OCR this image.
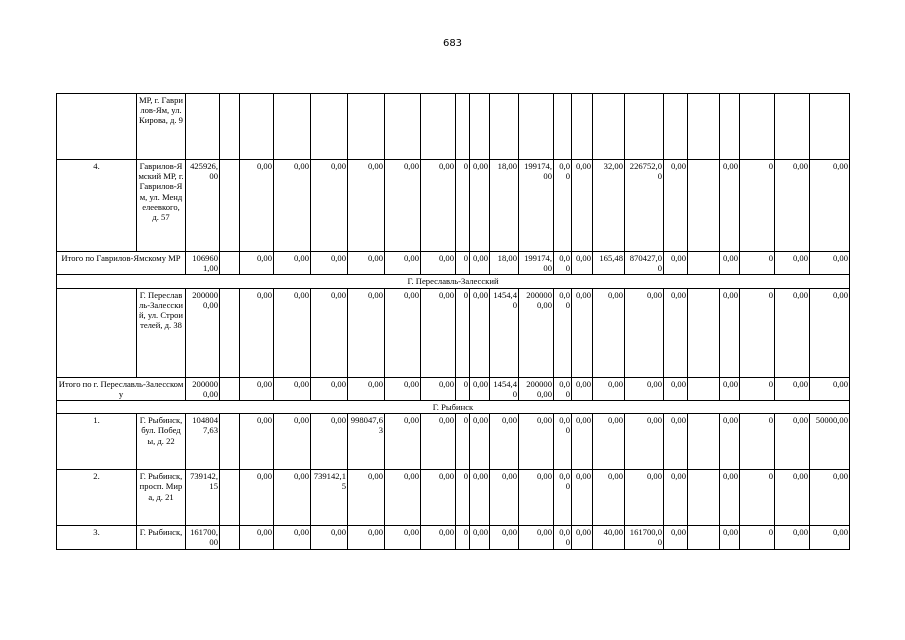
683
	МР, г. Гаврилов-Ям, ул. Кирова, д. 9																						
4.	Гаврилов-Ямский МР, г. Гаврилов-Ям, ул. Менделеевкого, д. 57	425926,00		0,00	0,00	0,00	0,00	0,00	0,00	0	0,00	18,00	199174,00	0,00	0,00	32,00	226752,00	0,00		0,00	0	0,00	0,00
Итого по Гаврилов-Ямскому МР		1069601,00		0,00	0,00	0,00	0,00	0,00	0,00	0	0,00	18,00	199174,00	0,00	0,00	165,48	870427,00	0,00		0,00	0	0,00	0,00
Г. Переславль-Залесский																							
	Г. Переславль-Залесский, ул. Строителей, д. 38	2000000,00		0,00	0,00	0,00	0,00	0,00	0,00	0	0,00	1454,40	2000000,00	0,00	0,00	0,00	0,00	0,00		0,00	0	0,00	0,00
Итого по г. Переславль-Залесскому		2000000,00		0,00	0,00	0,00	0,00	0,00	0,00	0	0,00	1454,40	2000000,00	0,00	0,00	0,00	0,00	0,00		0,00	0	0,00	0,00
Г. Рыбинск																							
1.	Г. Рыбинск, бул. Победы, д. 22	1048047,63		0,00	0,00	0,00	998047,63	0,00	0,00	0	0,00	0,00	0,00	0,00	0,00	0,00	0,00	0,00		0,00	0	0,00	50000,00
2.	Г. Рыбинск, просп. Мира, д. 21	739142,15		0,00	0,00	739142,15	0,00	0,00	0,00	0	0,00	0,00	0,00	0,00	0,00	0,00	0,00	0,00		0,00	0	0,00	0,00
3.	Г. Рыбинск,	161700,00		0,00	0,00	0,00	0,00	0,00	0,00	0	0,00	0,00	0,00	0,00	0,00	40,00	161700,00	0,00		0,00	0	0,00	0,00
